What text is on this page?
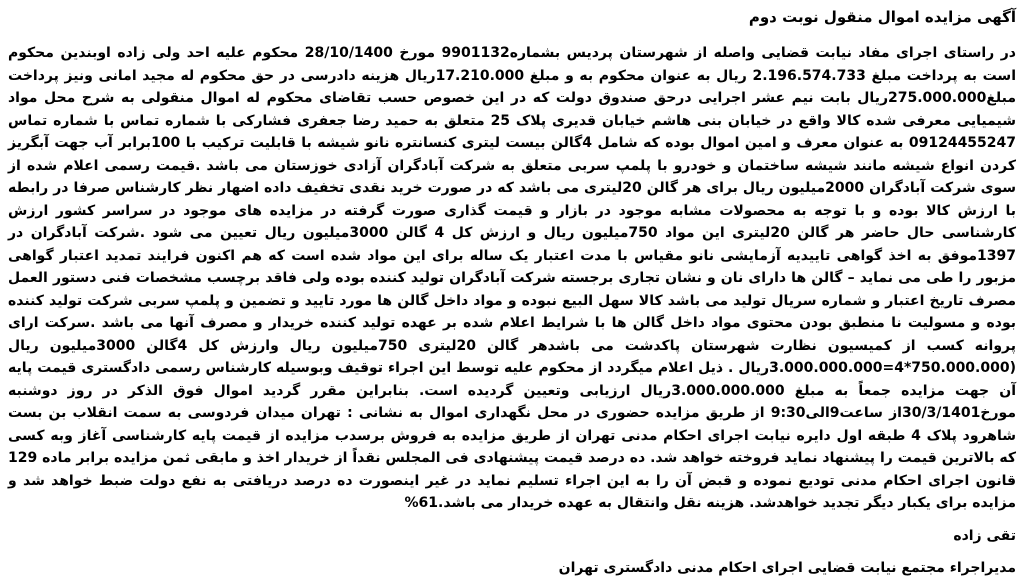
آگهی مزایده اموال منقول نوبت دوم

در راستای اجرای مفاد نیابت قضایی واصله از شهرستان پردیس بشماره9901132 مورخ 28/10/1400 محکوم علیه احد ولی زاده اوبندین محکوم است به پرداخت مبلغ 2.196.574.733 ریال به عنوان محکوم به و مبلغ 17.210.000ریال هزینه دادرسی در حق محکوم له مجید امانی ونیز پرداخت مبلغ275.000.000ریال بابت نیم عشر اجرایی درحق صندوق دولت که در این خصوص حسب تقاضای محکوم له اموال منقولی به شرح محل مواد شیمیایی معرفی شده کالا واقع در خیابان بنی هاشم خیابان قدیری پلاک 25 متعلق به حمید رضا جعفری فشارکی با شماره تماس با شماره تماس 09124455247 به عنوان معرف و امین اموال بوده که شامل 4گالن بیست لیتری کنسانتره نانو شیشه با قابلیت ترکیب با 100برابر آب جهت آبگریز کردن انواع شیشه مانند شیشه ساختمان و خودرو با پلمپ سربی متعلق به شرکت آبادگران آزادی خوزستان می باشد .قیمت رسمی اعلام شده از سوی شرکت آبادگران 2000میلیون ریال برای هر گالن 20لیتری می باشد که در صورت خرید نقدی تخفیف داده اضهار نظر کارشناس صرفا در رابطه با ارزش کالا بوده و با توجه به محصولات مشابه موجود در بازار و قیمت گذاری صورت گرفته در مزایده های موجود در سراسر کشور ارزش کارشناسی حال حاضر هر گالن 20لیتری این مواد 750میلیون ریال و ارزش کل 4 گالن 3000میلیون ریال تعیین می شود .شرکت آبادگران در 1397موفق به اخذ گواهی تاییدیه آزمایشی نانو مقیاس با مدت اعتبار یک ساله برای این مواد شده است که هم اکنون فرایند تمدید اعتبار گواهی مزبور را طی می نماید – گالن ها دارای نان و نشان تجاری برجسته شرکت آبادگران تولید کننده بوده ولی فاقد برچسب مشخصات فنی دستور العمل مصرف تاریخ اعتبار و شماره سریال تولید می باشد کالا سهل البیع نبوده و مواد داخل گالن ها مورد تایید و تضمین و پلمپ سربی شرکت تولید کننده بوده و مسولیت نا منطبق بودن محتوی مواد داخل گالن ها با شرایط اعلام شده بر عهده تولید کننده خریدار و مصرف آنها می باشد .سرکت ارای پروانه کسب از کمیسیون نظارت شهرستان پاکدشت می باشدهر گالن 20لیتری 750میلیون ریال وارزش کل 4گالن 3000میلیون ریال (750.000.000*4=3.000.000.000ریال . ذیل اعلام میگردد از محکوم علیه توسط این اجراء توقیف وبوسیله کارشناس رسمی دادگستری قیمت پایه آن جهت مزایده جمعاً به مبلغ 3.000.000.000ریال ارزیابی وتعیین گردیده است. بنابراین مقرر گردید اموال فوق الذکر در روز دوشنبه مورخ30/3/1401از ساعت9الی9:30 از طریق مزایده حضوری در محل نگهداری اموال به نشانی : تهران میدان فردوسی به سمت انقلاب بن بست شاهرود پلاک 4 طبقه اول دایره نیابت اجرای احکام مدنی تهران از طریق مزایده به فروش برسدب مزایده از قیمت پایه کارشناسی آغاز وبه کسی که بالاترین قیمت را پیشنهاد نماید فروخته خواهد شد. ده درصد قیمت پیشنهادی فی المجلس نقداً از خریدار اخذ و مابقی ثمن مزایده برابر ماده 129 قانون اجرای احکام مدنی توديع نموده و قبض آن را به این اجراء تسلیم نماید در غیر اینصورت ده درصد دریافتی به نفع دولت ضبط خواهد شد و مزایده برای یکبار دیگر تجدید خواهدشد. هزینه نقل وانتقال به عهده خریدار می باشد.61%

تقی زاده

مدیراجراء مجتمع نیابت قضایی اجرای احکام مدنی دادگستری تهران
